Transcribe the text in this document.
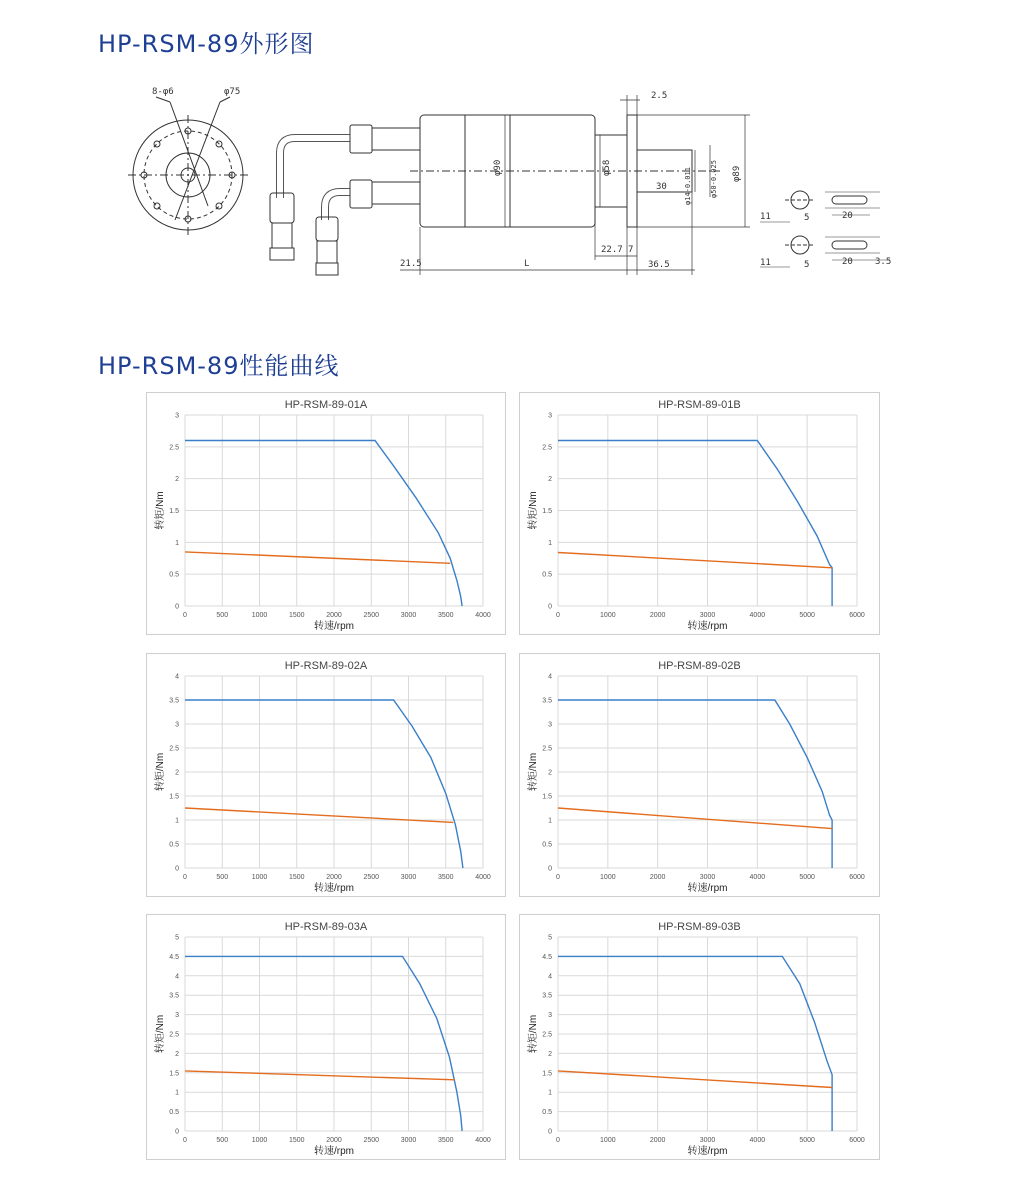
HP-RSM-89外形图
HP-RSM-89性能曲线
8-φ6	φ75
φ90	φ58	φ89
φ14-0.011	φ50-0.025
2.5
30
21.5	L
22.7 7
36.5
11	5	20
11	5	20 3.5
HP-RSM-89-01A
0	500	1000	1500	2000	2500	3000	3500	4000
0
0.5
1
1.5
2
2.5
3
转速/rpm
转矩/Nm
HP-RSM-89-01B
0	1000	2000	3000	4000	5000	6000
0
0.5
1
1.5
2
2.5
3
转速/rpm
转矩/Nm
HP-RSM-89-02A
0	500	1000	1500	2000	2500	3000	3500	4000
0
0.5
1
1.5
2
2.5
3
3.5
4
转速/rpm
转矩/Nm
HP-RSM-89-02B
0	1000	2000	3000	4000	5000	6000
0
0.5
1
1.5
2
2.5
3
3.5
4
转速/rpm
转矩/Nm
HP-RSM-89-03A
0	500	1000	1500	2000	2500	3000	3500	4000
0
0.5
1
1.5
2
2.5
3
3.5
4
4.5
5
转速/rpm
转矩/Nm
HP-RSM-89-03B
0	1000	2000	3000	4000	5000	6000
0
0.5
1
1.5
2
2.5
3
3.5
4
4.5
5
转速/rpm
转矩/Nm
